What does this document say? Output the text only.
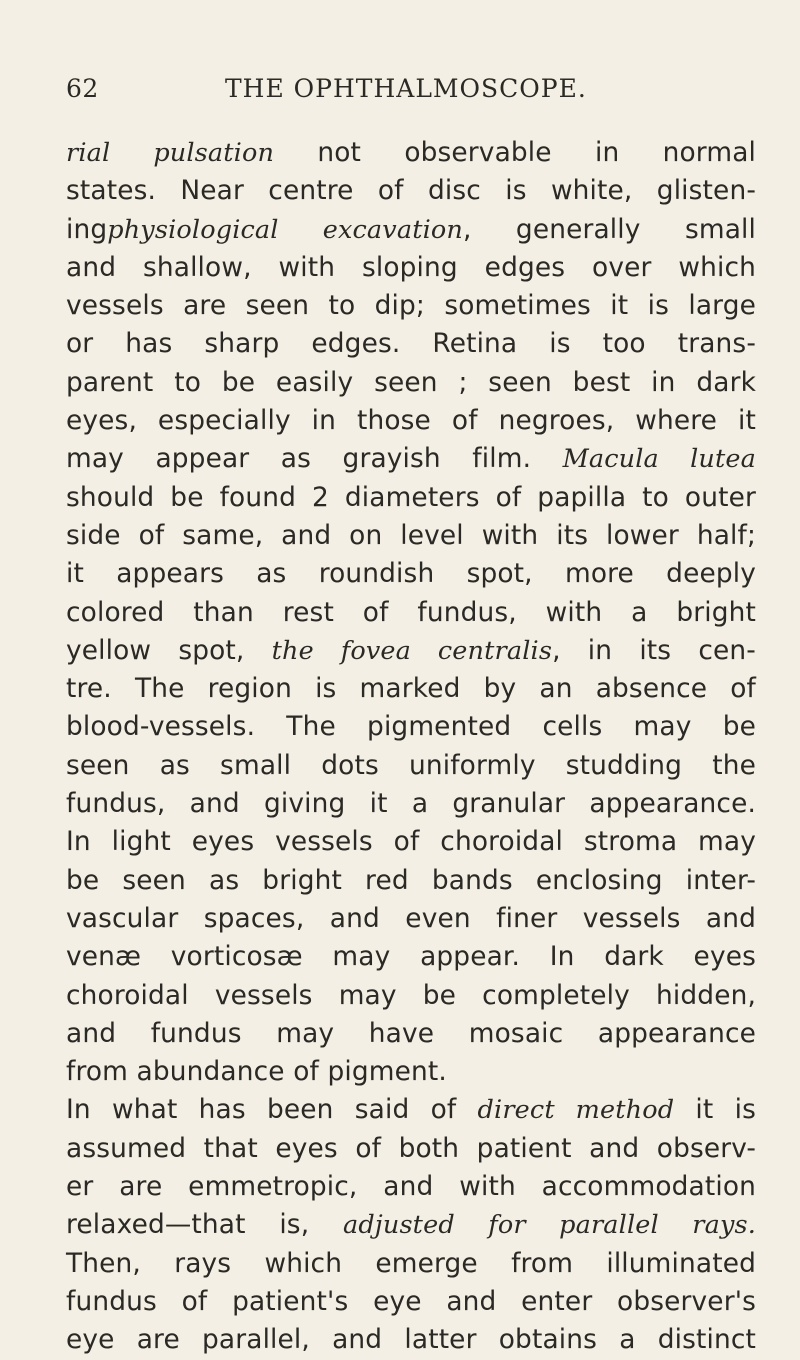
62	THE OPHTHALMOSCOPE.
rial pulsation not observable in normal
states. Near centre of disc is white, glisten-
ingphysiological excavation, generally small
and shallow, with sloping edges over which
vessels are seen to dip; sometimes it is large
or has sharp edges. Retina is too trans-
parent to be easily seen ; seen best in dark
eyes, especially in those of negroes, where it
may appear as grayish film. Macula lutea
should be found 2 diameters of papilla to outer
side of same, and on level with its lower half;
it appears as roundish spot, more deeply
colored than rest of fundus, with a bright
yellow spot, the fovea centralis, in its cen-
tre. The region is marked by an absence of
blood-vessels. The pigmented cells may be
seen as small dots uniformly studding the
fundus, and giving it a granular appearance.
In light eyes vessels of choroidal stroma may
be seen as bright red bands enclosing inter-
vascular spaces, and even finer vessels and
venæ vorticosæ may appear. In dark eyes
choroidal vessels may be completely hidden,
and fundus may have mosaic appearance
from abundance of pigment.
In what has been said of direct method it is
assumed that eyes of both patient and observ-
er are emmetropic, and with accommodation
relaxed—that is, adjusted for parallel rays.
Then, rays which emerge from illuminated
fundus of patient's eye and enter observer's
eye are parallel, and latter obtains a distinct
